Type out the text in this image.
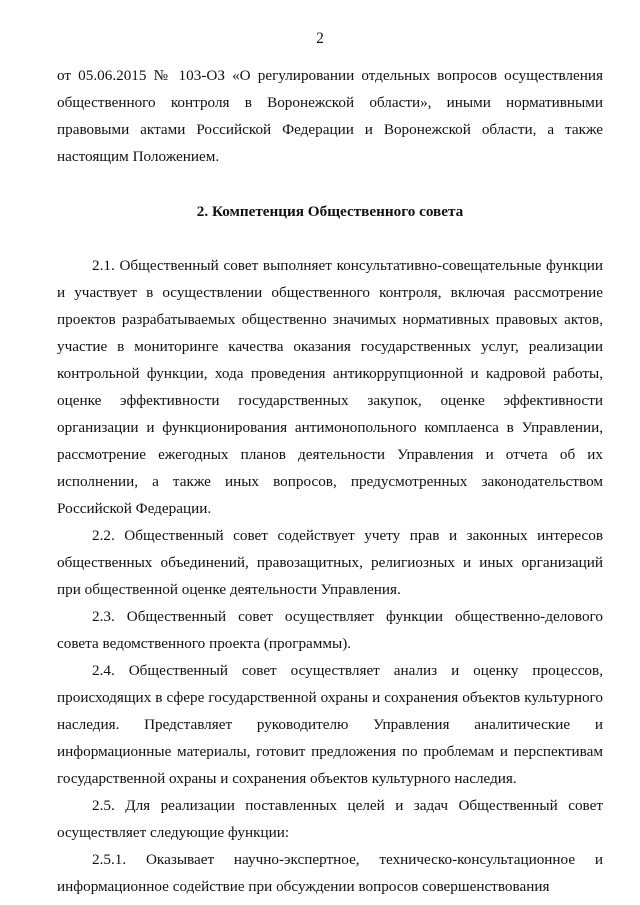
2

от 05.06.2015 № 103-ОЗ «О регулировании отдельных вопросов осуществления общественного контроля в Воронежской области», иными нормативными правовыми актами Российской Федерации и Воронежской области, а также настоящим Положением.

2. Компетенция Общественного совета

2.1. Общественный совет выполняет консультативно-совещательные функции и участвует в осуществлении общественного контроля, включая рассмотрение проектов разрабатываемых общественно значимых нормативных правовых актов, участие в мониторинге качества оказания государственных услуг, реализации контрольной функции, хода проведения антикоррупционной и кадровой работы, оценке эффективности государственных закупок, оценке эффективности организации и функционирования антимонопольного комплаенса в Управлении, рассмотрение ежегодных планов деятельности Управления и отчета об их исполнении, а также иных вопросов, предусмотренных законодательством Российской Федерации.

2.2. Общественный совет содействует учету прав и законных интересов общественных объединений, правозащитных, религиозных и иных организаций при общественной оценке деятельности Управления.

2.3. Общественный совет осуществляет функции общественно-делового совета ведомственного проекта (программы).

2.4. Общественный совет осуществляет анализ и оценку процессов, происходящих в сфере государственной охраны и сохранения объектов культурного наследия. Представляет руководителю Управления аналитические и информационные материалы, готовит предложения по проблемам и перспективам государственной охраны и сохранения объектов культурного наследия.

2.5. Для реализации поставленных целей и задач Общественный совет осуществляет следующие функции:

2.5.1. Оказывает научно-экспертное, техническо-консультационное и информационное содействие при обсуждении вопросов совершенствования
